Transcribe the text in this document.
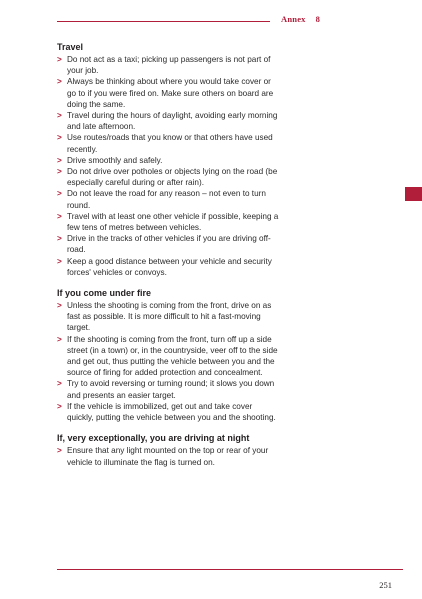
Annex 8
Travel
> Do not act as a taxi; picking up passengers is not part of your job.
> Always be thinking about where you would take cover or go to if you were fired on. Make sure others on board are doing the same.
> Travel during the hours of daylight, avoiding early morning and late afternoon.
> Use routes/roads that you know or that others have used recently.
> Drive smoothly and safely.
> Do not drive over potholes or objects lying on the road (be especially careful during or after rain).
> Do not leave the road for any reason – not even to turn round.
> Travel with at least one other vehicle if possible, keeping a few tens of metres between vehicles.
> Drive in the tracks of other vehicles if you are driving off-road.
> Keep a good distance between your vehicle and security forces' vehicles or convoys.
If you come under fire
> Unless the shooting is coming from the front, drive on as fast as possible. It is more difficult to hit a fast-moving target.
> If the shooting is coming from the front, turn off up a side street (in a town) or, in the countryside, veer off to the side and get out, thus putting the vehicle between you and the source of firing for added protection and concealment.
> Try to avoid reversing or turning round; it slows you down and presents an easier target.
> If the vehicle is immobilized, get out and take cover quickly, putting the vehicle between you and the shooting.
If, very exceptionally, you are driving at night
> Ensure that any light mounted on the top or rear of your vehicle to illuminate the flag is turned on.
251
